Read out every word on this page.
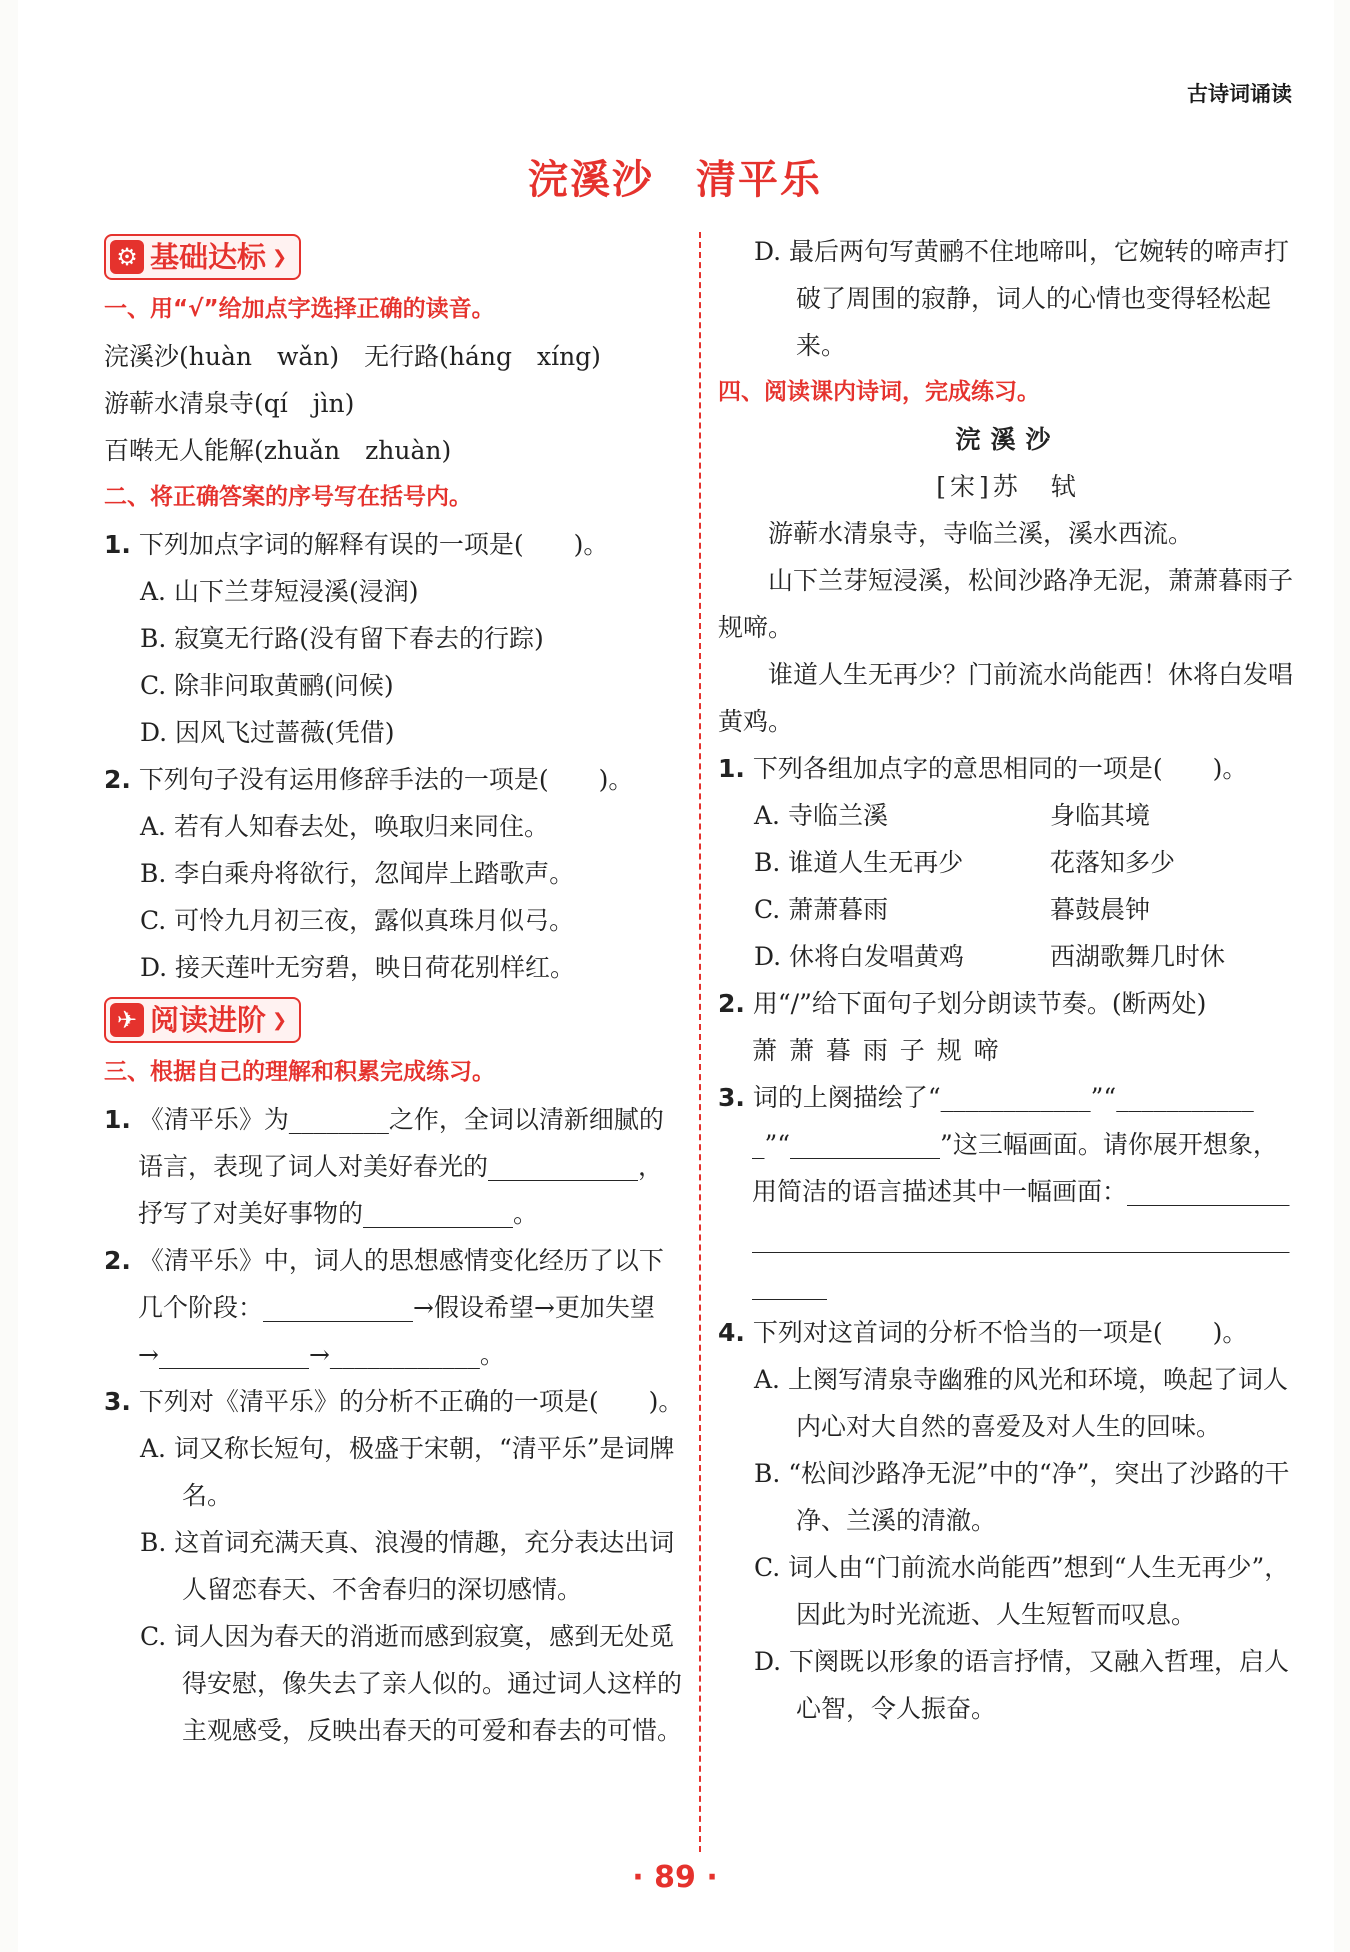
古诗词诵读
浣溪沙　清平乐
⚙ 基础达标 ❯
一、用“√”给加点字选择正确的读音。
浣溪沙(huàn　wǎn)　无行路(háng　xíng)
游蕲水清泉寺(qí　jìn)
百啭无人能解(zhuǎn　zhuàn)
二、将正确答案的序号写在括号内。
1. 下列加点字词的解释有误的一项是(　　)。
A. 山下兰芽短浸溪(浸润)
B. 寂寞无行路(没有留下春去的行踪)
C. 除非问取黄鹂(问候)
D. 因风飞过蔷薇(凭借)
2. 下列句子没有运用修辞手法的一项是(　　)。
A. 若有人知春去处，唤取归来同住。
B. 李白乘舟将欲行，忽闻岸上踏歌声。
C. 可怜九月初三夜，露似真珠月似弓。
D. 接天莲叶无穷碧，映日荷花别样红。
✈ 阅读进阶 ❯
三、根据自己的理解和积累完成练习。
1. 《清平乐》为________之作，全词以清新细腻的语言，表现了词人对美好春光的____________，抒写了对美好事物的____________。
2. 《清平乐》中，词人的思想感情变化经历了以下几个阶段：____________→假设希望→更加失望→____________→____________。
3. 下列对《清平乐》的分析不正确的一项是(　　)。
A. 词又称长短句，极盛于宋朝，“清平乐”是词牌名。
B. 这首词充满天真、浪漫的情趣，充分表达出词人留恋春天、不舍春归的深切感情。
C. 词人因为春天的消逝而感到寂寞，感到无处觅得安慰，像失去了亲人似的。通过词人这样的主观感受，反映出春天的可爱和春去的可惜。
D. 最后两句写黄鹂不住地啼叫，它婉转的啼声打破了周围的寂静，词人的心情也变得轻松起来。
四、阅读课内诗词，完成练习。
浣溪沙
[宋]苏　轼
游蕲水清泉寺，寺临兰溪，溪水西流。
山下兰芽短浸溪，松间沙路净无泥，萧萧暮雨子规啼。
谁道人生无再少？门前流水尚能西！休将白发唱黄鸡。
1. 下列各组加点字的意思相同的一项是(　　)。
A. 寺临兰溪	身临其境
B. 谁道人生无再少	花落知多少
C. 萧萧暮雨	暮鼓晨钟
D. 休将白发唱黄鸡	西湖歌舞几时休
2. 用“/”给下面句子划分朗读节奏。(断两处)
萧 萧 暮 雨 子 规 啼
3. 词的上阕描绘了“____________”“____________”“____________”这三幅画面。请你展开想象，用简洁的语言描述其中一幅画面：______________________________________________________________
4. 下列对这首词的分析不恰当的一项是(　　)。
A. 上阕写清泉寺幽雅的风光和环境，唤起了词人内心对大自然的喜爱及对人生的回味。
B. “松间沙路净无泥”中的“净”，突出了沙路的干净、兰溪的清澈。
C. 词人由“门前流水尚能西”想到“人生无再少”，因此为时光流逝、人生短暂而叹息。
D. 下阕既以形象的语言抒情，又融入哲理，启人心智，令人振奋。
· 89 ·
